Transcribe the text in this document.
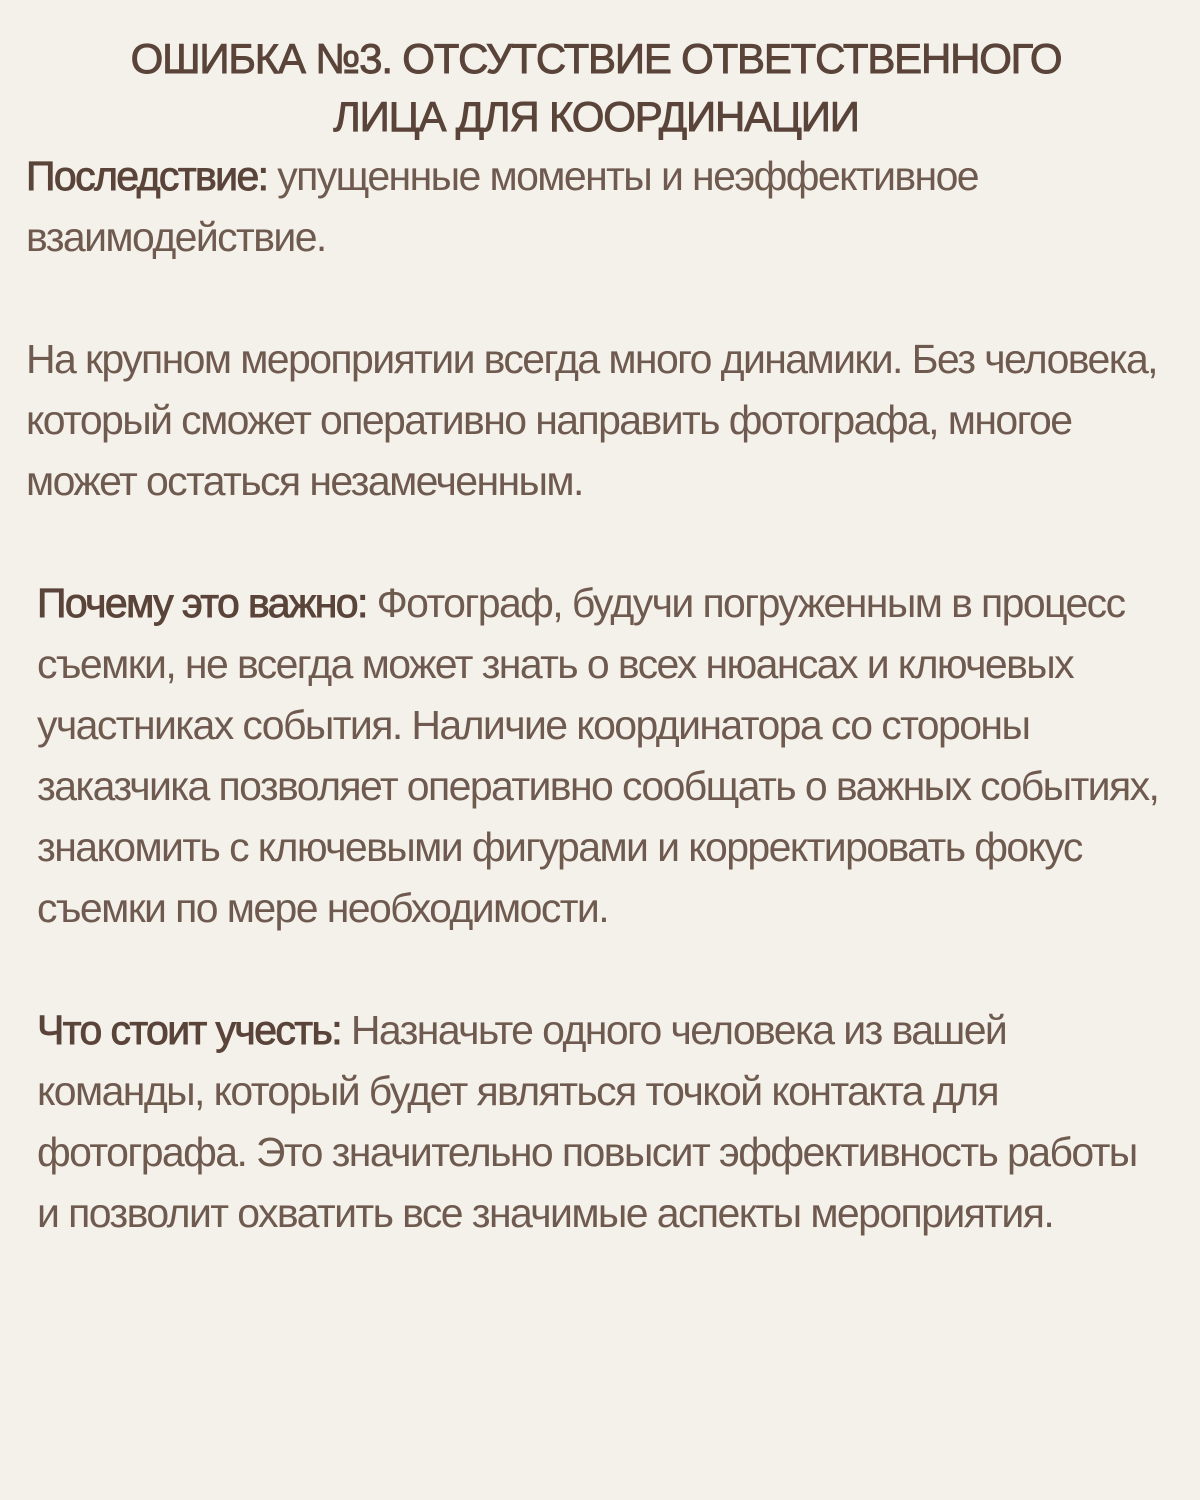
ОШИБКА №3. ОТСУТСТВИЕ ОТВЕТСТВЕННОГО
ЛИЦА ДЛЯ КООРДИНАЦИИ

Последствие: упущенные моменты и неэффективное взаимодействие.

На крупном мероприятии всегда много динамики. Без человека, который сможет оперативно направить фотографа, многое может остаться незамеченным.

Почему это важно: Фотограф, будучи погруженным в процесс съемки, не всегда может знать о всех нюансах и ключевых участниках события. Наличие координатора со стороны заказчика позволяет оперативно сообщать о важных событиях, знакомить с ключевыми фигурами и корректировать фокус съемки по мере необходимости.

Что стоит учесть: Назначьте одного человека из вашей команды, который будет являться точкой контакта для фотографа. Это значительно повысит эффективность работы и позволит охватить все значимые аспекты мероприятия.
